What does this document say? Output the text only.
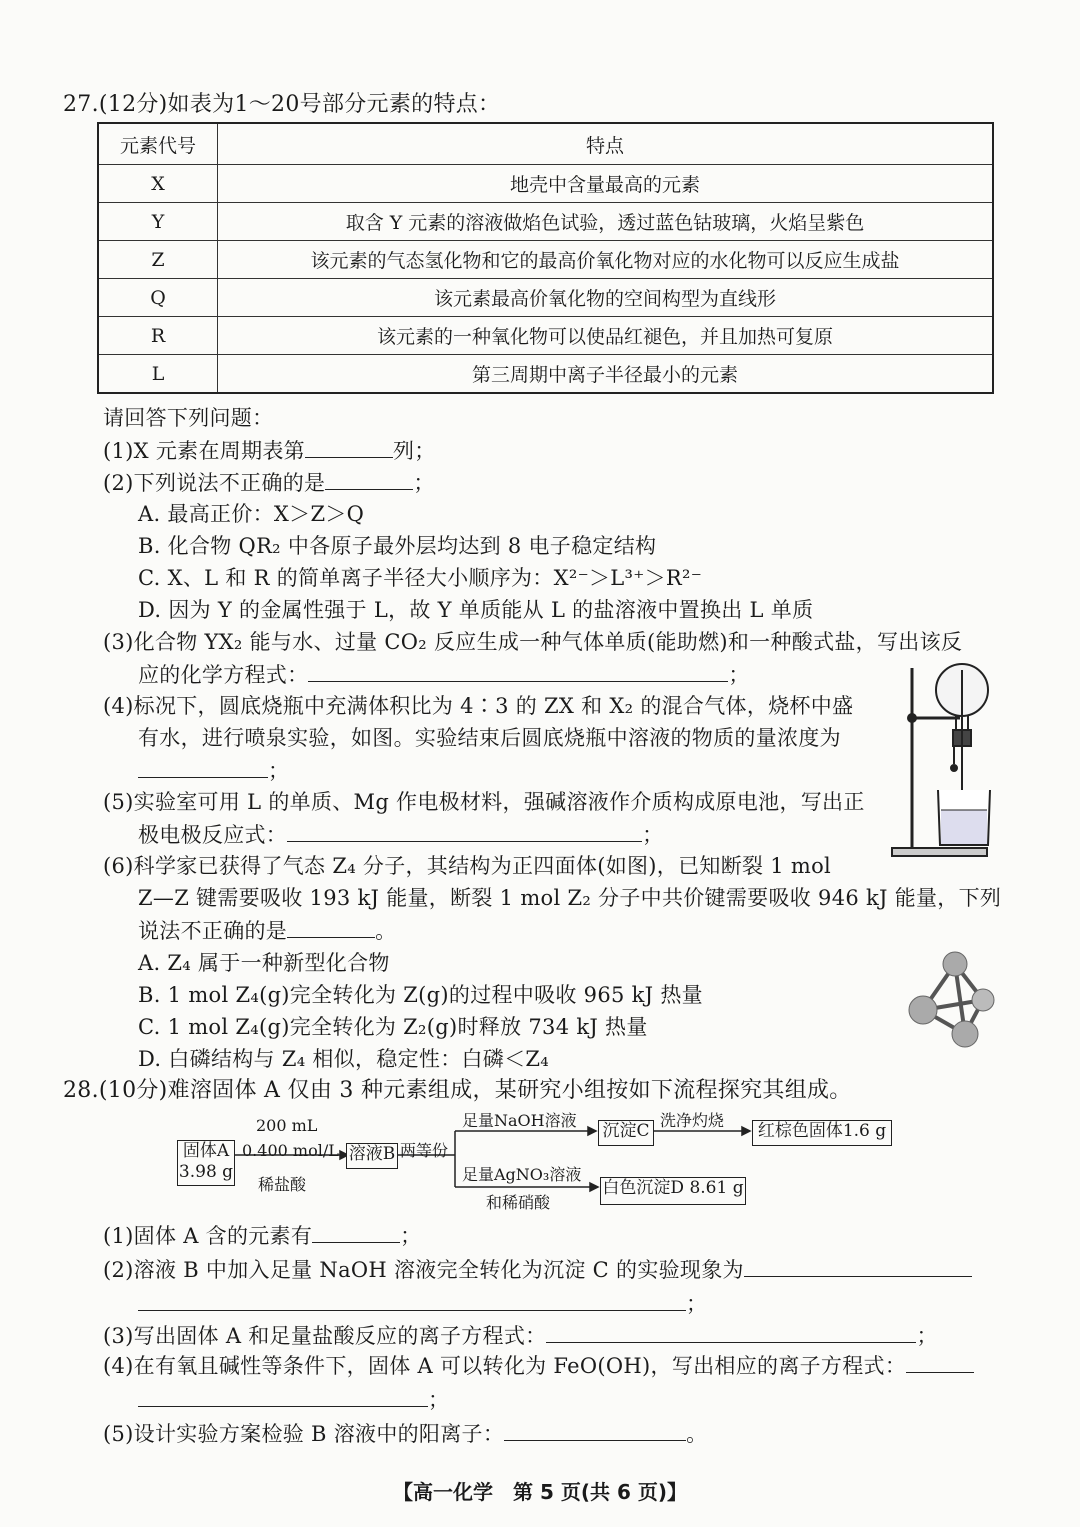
27.(12分)如表为1～20号部分元素的特点：
元素代号	特点
X	地壳中含量最高的元素
Y	取含 Y 元素的溶液做焰色试验，透过蓝色钴玻璃，火焰呈紫色
Z	该元素的气态氢化物和它的最高价氧化物对应的水化物可以反应生成盐
Q	该元素最高价氧化物的空间构型为直线形
R	该元素的一种氧化物可以使品红褪色，并且加热可复原
L	第三周期中离子半径最小的元素
请回答下列问题：
(1)X 元素在周期表第	列；
(2)下列说法不正确的是	；
A. 最高正价：X＞Z＞Q
B. 化合物 QR₂ 中各原子最外层均达到 8 电子稳定结构
C. X、L 和 R 的简单离子半径大小顺序为：X²⁻＞L³⁺＞R²⁻
D. 因为 Y 的金属性强于 L，故 Y 单质能从 L 的盐溶液中置换出 L 单质
(3)化合物 YX₂ 能与水、过量 CO₂ 反应生成一种气体单质(能助燃)和一种酸式盐，写出该反
应的化学方程式：	；
(4)标况下，圆底烧瓶中充满体积比为 4∶3 的 ZX 和 X₂ 的混合气体，烧杯中盛
有水，进行喷泉实验，如图。实验结束后圆底烧瓶中溶液的物质的量浓度为
；
(5)实验室可用 L 的单质、Mg 作电极材料，强碱溶液作介质构成原电池，写出正
极电极反应式：	；
(6)科学家已获得了气态 Z₄ 分子，其结构为正四面体(如图)，已知断裂 1 mol
Z—Z 键需要吸收 193 kJ 能量，断裂 1 mol Z₂ 分子中共价键需要吸收 946 kJ 能量，下列
说法不正确的是	。
A. Z₄ 属于一种新型化合物
B. 1 mol Z₄(g)完全转化为 Z(g)的过程中吸收 965 kJ 热量
C. 1 mol Z₄(g)完全转化为 Z₂(g)时释放 734 kJ 热量
D. 白磷结构与 Z₄ 相似，稳定性：白磷＜Z₄
28.(10分)难溶固体 A 仅由 3 种元素组成，某研究小组按如下流程探究其组成。
固体A
3.98 g
200 mL
0.400 mol/L
稀盐酸
溶液B 两等份
足量NaOH溶液
沉淀C
洗净灼烧
红棕色固体1.6 g
足量AgNO₃溶液
和稀硝酸
白色沉淀D 8.61 g
(1)固体 A 含的元素有	；
(2)溶液 B 中加入足量 NaOH 溶液完全转化为沉淀 C 的实验现象为
；
(3)写出固体 A 和足量盐酸反应的离子方程式：	；
(4)在有氧且碱性等条件下，固体 A 可以转化为 FeO(OH)，写出相应的离子方程式：
；
(5)设计实验方案检验 B 溶液中的阳离子：	。
【高一化学　第 5 页(共 6 页)】
